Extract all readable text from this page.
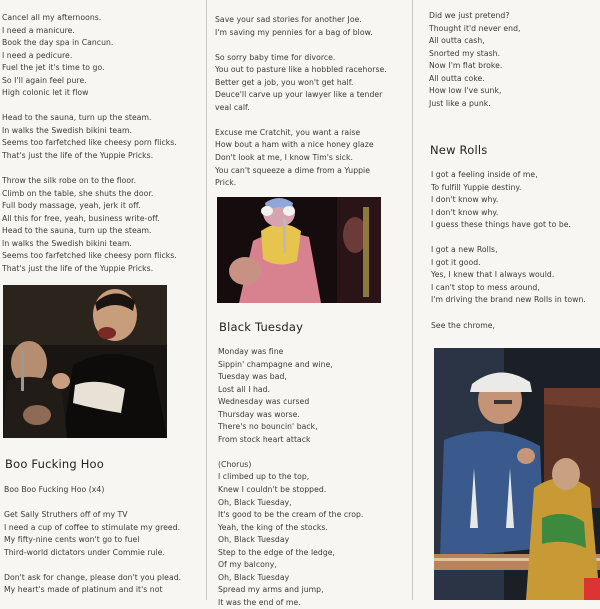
Cancel all my afternoons.
I need a manicure.
Book the day spa in Cancun.
I need a pedicure.
Fuel the jet it's time to go.
So I'll again feel pure.
High colonic let it flow
Head to the sauna, turn up the steam.
In walks the Swedish bikini team.
Seems too farfetched like cheesy porn flicks.
That's just the life of the Yuppie Pricks.
Throw the silk robe on to the floor.
Climb on the table, she shuts the door.
Full body massage, yeah, jerk it off.
All this for free, yeah, business write-off.
Head to the sauna, turn up the steam.
In walks the Swedish bikini team.
Seems too farfetched like cheesy porn flicks.
That's just the life of the Yuppie Pricks.
Boo Fucking Hoo
Boo Boo Fucking Hoo (x4)
Get Sally Struthers off of my TV
I need a cup of coffee to stimulate my greed.
My fifty-nine cents won't go to fuel
Third-world dictators under Commie rule.
Don't ask for change, please don't you plead.
My heart's made of platinum and it's not
Save your sad stories for another Joe.
I'm saving my pennies for a bag of blow.
So sorry baby time for divorce.
You out to pasture like a hobbled racehorse.
Better get a job, you won't get half.
Deuce'll carve up your lawyer like a tender
veal calf.
Excuse me Cratchit, you want a raise
How bout a ham with a nice honey glaze
Don't look at me, I know Tim's sick.
You can't squeeze a dime from a Yuppie
Prick.
Black Tuesday
Monday was fine
Sippin' champagne and wine,
Tuesday was bad,
Lost all I had.
Wednesday was cursed
Thursday was worse.
There's no bouncin' back,
From stock heart attack
(Chorus)
I climbed up to the top,
Knew I couldn't be stopped.
Oh, Black Tuesday,
It's good to be the cream of the crop.
Yeah, the king of the stocks.
Oh, Black Tuesday
Step to the edge of the ledge,
Of my balcony,
Oh, Black Tuesday
Spread my arms and jump,
It was the end of me.
Did we just pretend?
Thought it'd never end,
All outta cash,
Snorted my stash.
Now I'm flat broke.
All outta coke.
How low I've sunk,
Just like a punk.
New Rolls
I got a feeling inside of me,
To fulfill Yuppie destiny.
I don't know why.
I don't know why.
I guess these things have got to be.
I got a new Rolls,
I got it good.
Yes, I knew that I always would.
I can't stop to mess around,
I'm driving the brand new Rolls in town.
See the chrome,
